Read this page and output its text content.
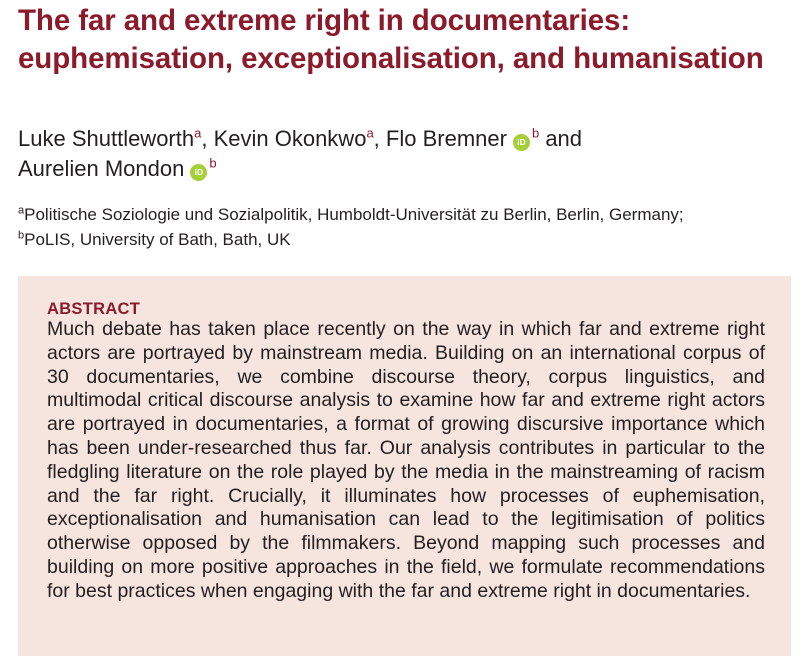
The far and extreme right in documentaries: euphemisation, exceptionalisation, and humanisation
Luke Shuttleworth$^a$, Kevin Okonkwo$^a$, Flo Bremner $iD^b$ and
Aurelien Mondon $iD^b$
$^a$Politische Soziologie und Sozialpolitik, Humboldt-Universität zu Berlin, Berlin, Germany;
$^b$PoLIS, University of Bath, Bath, UK
ABSTRACT

Much debate has taken place recently on the way in which far and extreme right actors are portrayed by mainstream media. Building on an international corpus of 30 documentaries, we combine discourse theory, corpus linguistics, and multimodal critical discourse analysis to examine how far and extreme right actors are portrayed in documentaries, a format of growing discursive importance which has been under-researched thus far. Our analysis contributes in particular to the fledgling literature on the role played by the media in the mainstreaming of racism and the far right. Crucially, it illuminates how processes of euphemisation, exceptionalisation and humanisation can lead to the legitimisation of politics otherwise opposed by the filmmakers. Beyond mapping such processes and building on more positive approaches in the field, we formulate recommendations for best practices when engaging with the far and extreme right in documentaries.
